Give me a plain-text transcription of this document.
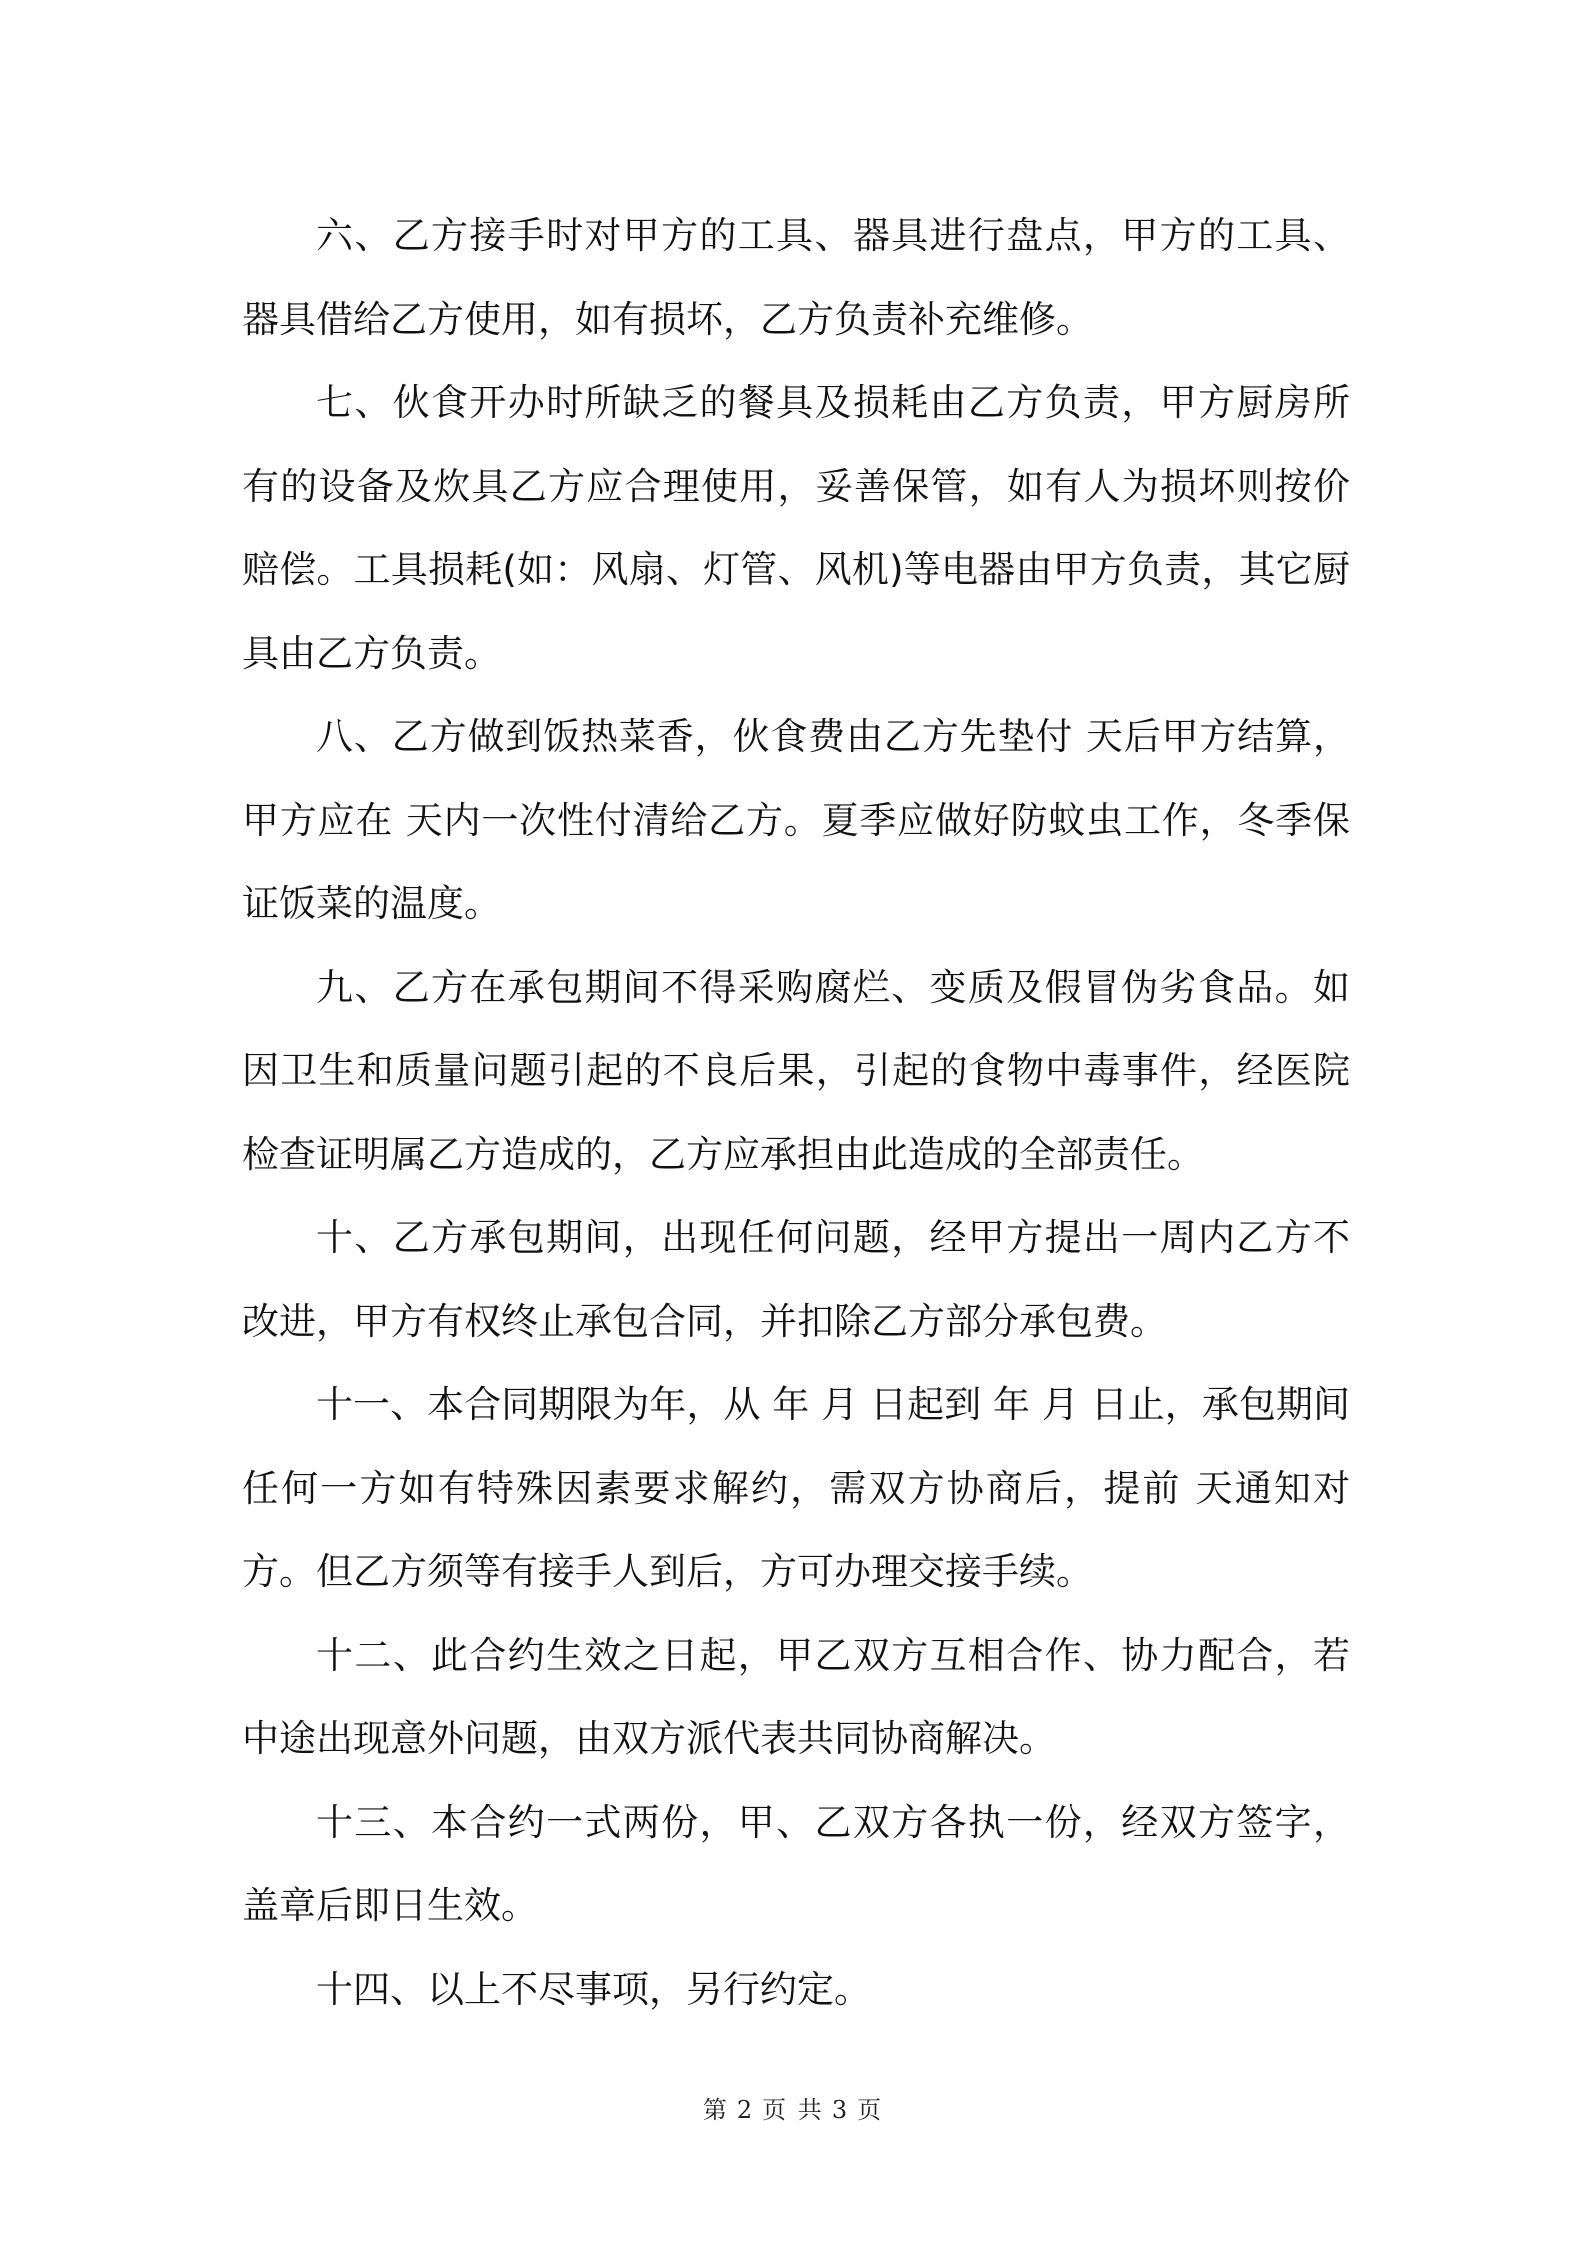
六、乙方接手时对甲方的工具、器具进行盘点，甲方的工具、器具借给乙方使用，如有损坏，乙方负责补充维修。

七、伙食开办时所缺乏的餐具及损耗由乙方负责，甲方厨房所有的设备及炊具乙方应合理使用，妥善保管，如有人为损坏则按价赔偿。工具损耗(如：风扇、灯管、风机)等电器由甲方负责，其它厨具由乙方负责。

八、乙方做到饭热菜香，伙食费由乙方先垫付 天后甲方结算，甲方应在 天内一次性付清给乙方。夏季应做好防蚊虫工作，冬季保证饭菜的温度。

九、乙方在承包期间不得采购腐烂、变质及假冒伪劣食品。如因卫生和质量问题引起的不良后果，引起的食物中毒事件，经医院检查证明属乙方造成的，乙方应承担由此造成的全部责任。

十、乙方承包期间，出现任何问题，经甲方提出一周内乙方不改进，甲方有权终止承包合同，并扣除乙方部分承包费。

十一、本合同期限为年，从 年 月 日起到 年 月 日止，承包期间任何一方如有特殊因素要求解约，需双方协商后，提前 天通知对方。但乙方须等有接手人到后，方可办理交接手续。

十二、此合约生效之日起，甲乙双方互相合作、协力配合，若中途出现意外问题，由双方派代表共同协商解决。

十三、本合约一式两份，甲、乙双方各执一份，经双方签字，盖章后即日生效。

十四、以上不尽事项，另行约定。

第 2 页 共 3 页
